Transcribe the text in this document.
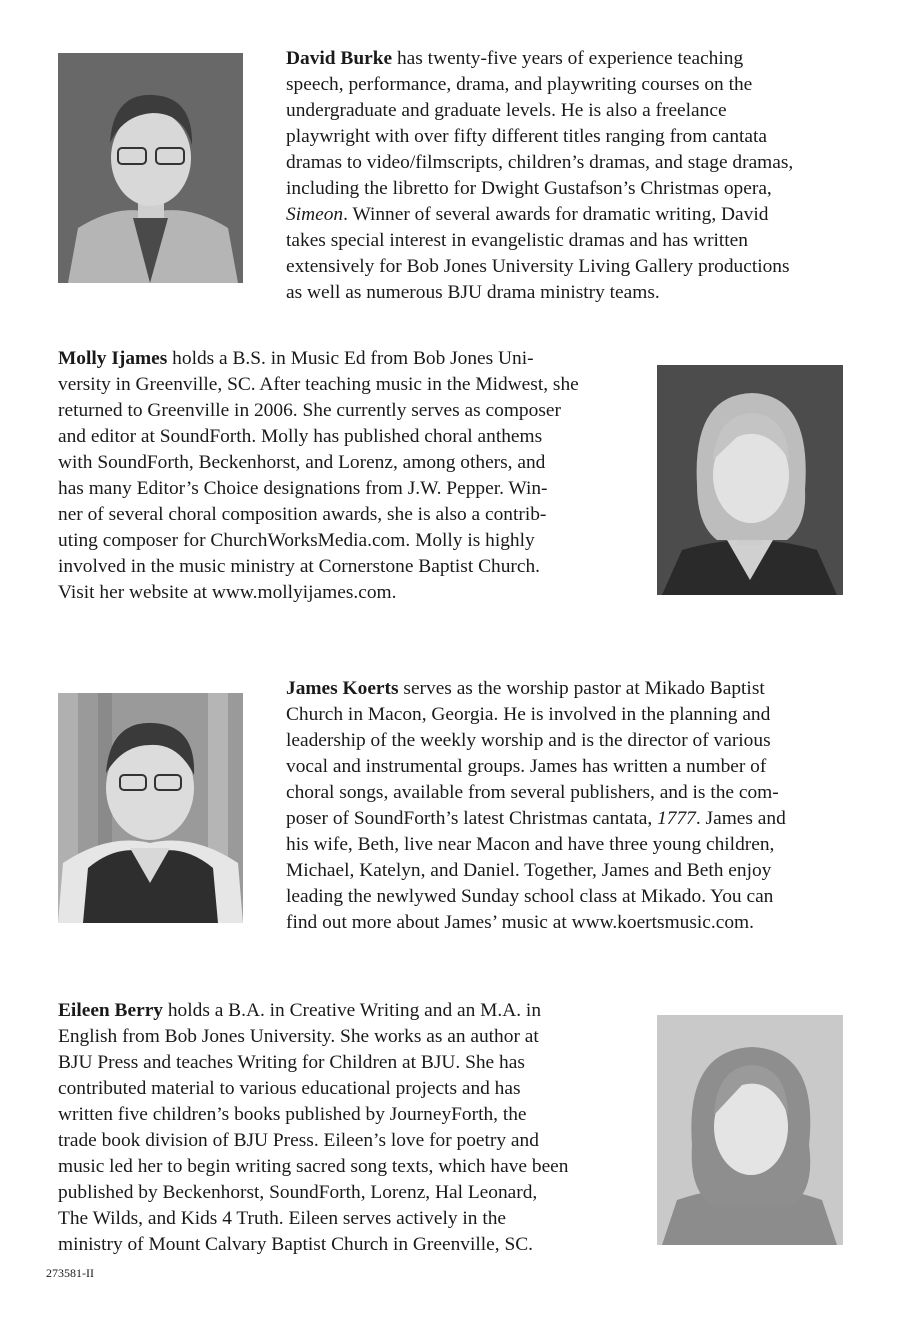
David Burke has twenty-five years of experience teaching
speech, performance, drama, and playwriting courses on the
undergraduate and graduate levels. He is also a freelance
playwright with over fifty different titles ranging from cantata
dramas to video/filmscripts, children’s dramas, and stage dramas,
including the libretto for Dwight Gustafson’s Christmas opera,
Simeon. Winner of several awards for dramatic writing, David
takes special interest in evangelistic dramas and has written
extensively for Bob Jones University Living Gallery productions
as well as numerous BJU drama ministry teams.

Molly Ijames holds a B.S. in Music Ed from Bob Jones Uni-
versity in Greenville, SC. After teaching music in the Midwest, she
returned to Greenville in 2006. She currently serves as composer
and editor at SoundForth. Molly has published choral anthems
with SoundForth, Beckenhorst, and Lorenz, among others, and
has many Editor’s Choice designations from J.W. Pepper. Win-
ner of several choral composition awards, she is also a contrib-
uting composer for ChurchWorksMedia.com. Molly is highly
involved in the music ministry at Cornerstone Baptist Church.
Visit her website at www.mollyijames.com.

James Koerts serves as the worship pastor at Mikado Baptist
Church in Macon, Georgia. He is involved in the planning and
leadership of the weekly worship and is the director of various
vocal and instrumental groups. James has written a number of
choral songs, available from several publishers, and is the com-
poser of SoundForth’s latest Christmas cantata, 1777. James and
his wife, Beth, live near Macon and have three young children,
Michael, Katelyn, and Daniel. Together, James and Beth enjoy
leading the newlywed Sunday school class at Mikado. You can
find out more about James’ music at www.koertsmusic.com.

Eileen Berry holds a B.A. in Creative Writing and an M.A. in
English from Bob Jones University. She works as an author at
BJU Press and teaches Writing for Children at BJU. She has
contributed material to various educational projects and has
written five children’s books published by JourneyForth, the
trade book division of BJU Press. Eileen’s love for poetry and
music led her to begin writing sacred song texts, which have been
published by Beckenhorst, SoundForth, Lorenz, Hal Leonard,
The Wilds, and Kids 4 Truth. Eileen serves actively in the
ministry of Mount Calvary Baptist Church in Greenville, SC.

273581-II
